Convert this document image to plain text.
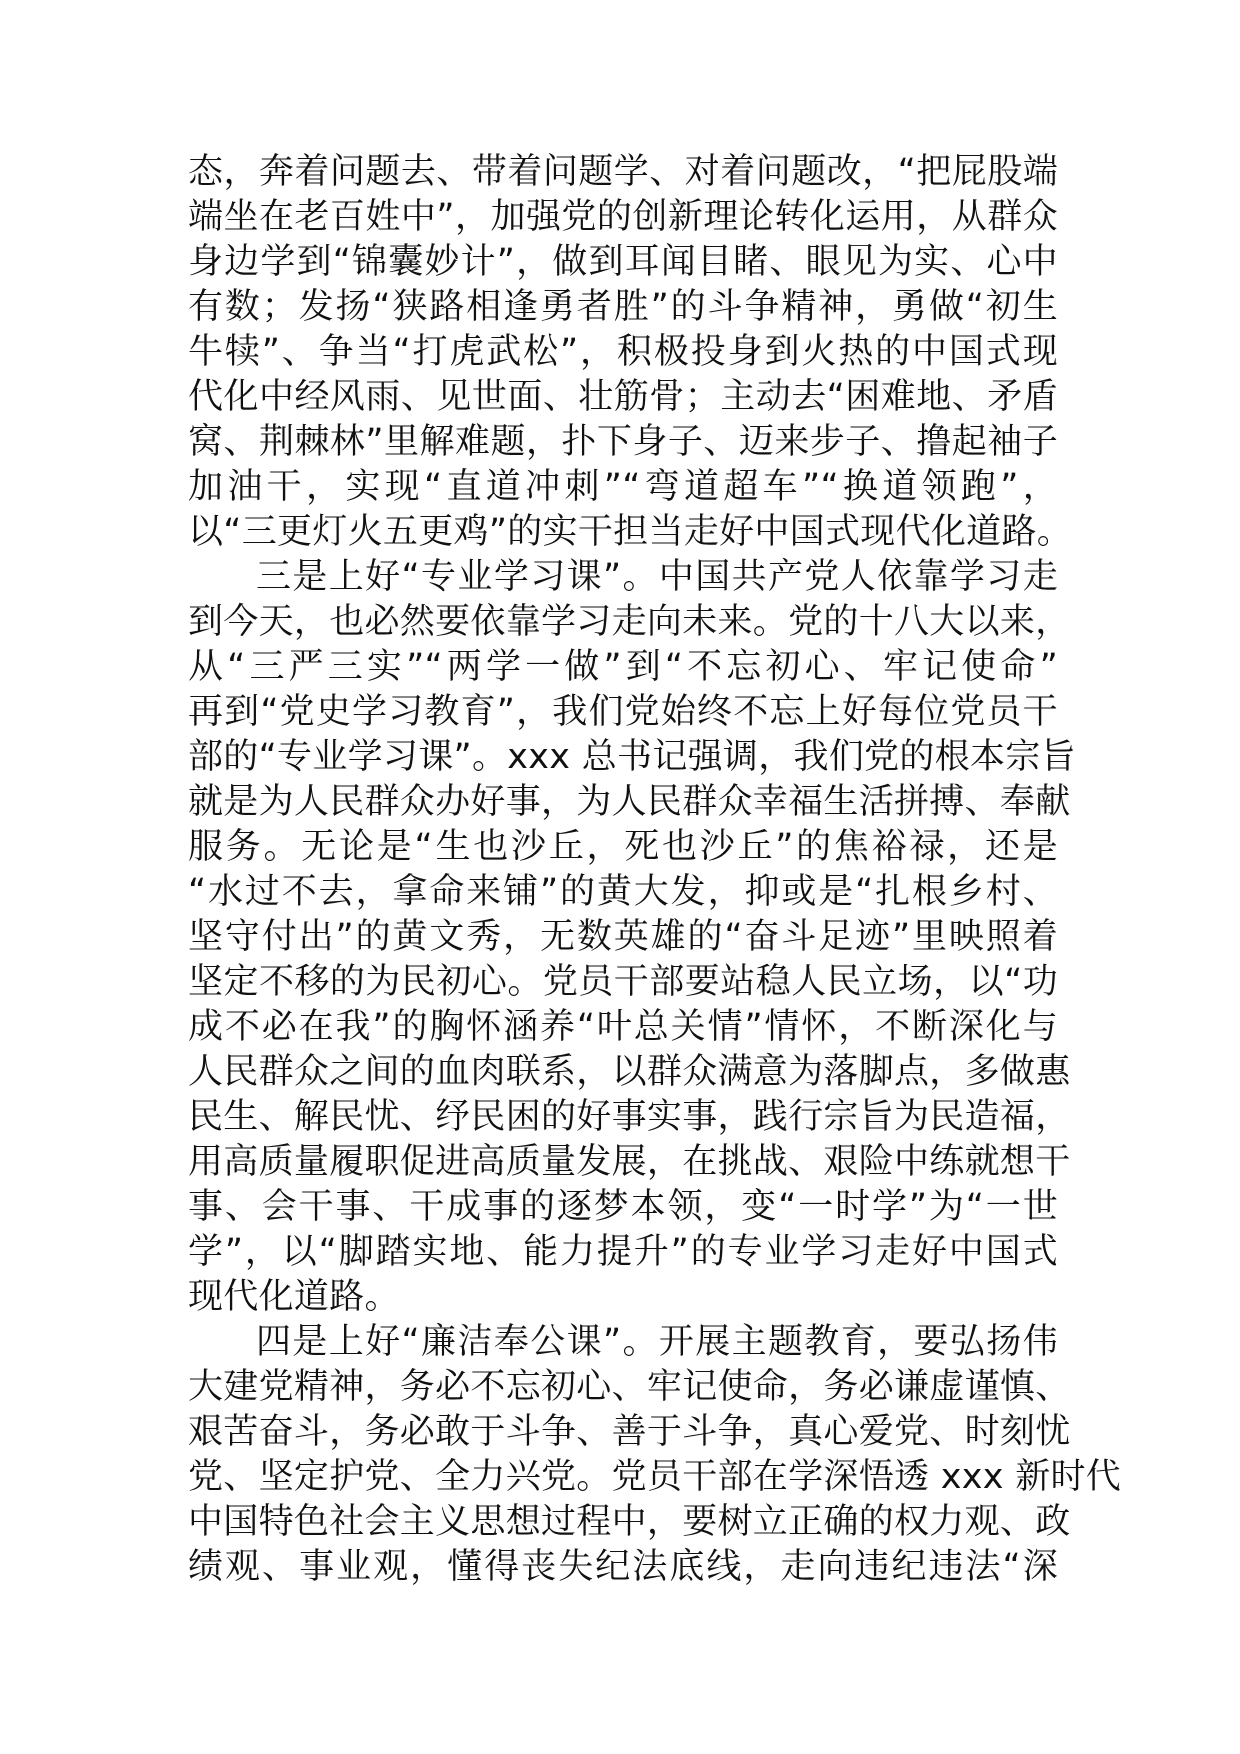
态，奔着问题去、带着问题学、对着问题改，“把屁股端
端坐在老百姓中”，加强党的创新理论转化运用，从群众
身边学到“锦囊妙计”，做到耳闻目睹、眼见为实、心中
有数；发扬“狭路相逢勇者胜”的斗争精神，勇做“初生
牛犊”、争当“打虎武松”，积极投身到火热的中国式现
代化中经风雨、见世面、壮筋骨；主动去“困难地、矛盾
窝、荆棘林”里解难题，扑下身子、迈来步子、撸起袖子
加油干，实现“直道冲刺”“弯道超车”“换道领跑”，
以“三更灯火五更鸡”的实干担当走好中国式现代化道路。
三是上好“专业学习课”。中国共产党人依靠学习走
到今天，也必然要依靠学习走向未来。党的十八大以来，
从“三严三实”“两学一做”到“不忘初心、牢记使命”
再到“党史学习教育”，我们党始终不忘上好每位党员干
部的“专业学习课”。xxx 总书记强调，我们党的根本宗旨
就是为人民群众办好事，为人民群众幸福生活拼搏、奉献
服务。无论是“生也沙丘，死也沙丘”的焦裕禄，还是
“水过不去，拿命来铺”的黄大发，抑或是“扎根乡村、
坚守付出”的黄文秀，无数英雄的“奋斗足迹”里映照着
坚定不移的为民初心。党员干部要站稳人民立场，以“功
成不必在我”的胸怀涵养“叶总关情”情怀，不断深化与
人民群众之间的血肉联系，以群众满意为落脚点，多做惠
民生、解民忧、纾民困的好事实事，践行宗旨为民造福，
用高质量履职促进高质量发展，在挑战、艰险中练就想干
事、会干事、干成事的逐梦本领，变“一时学”为“一世
学”，以“脚踏实地、能力提升”的专业学习走好中国式
现代化道路。
四是上好“廉洁奉公课”。开展主题教育，要弘扬伟
大建党精神，务必不忘初心、牢记使命，务必谦虚谨慎、
艰苦奋斗，务必敢于斗争、善于斗争，真心爱党、时刻忧
党、坚定护党、全力兴党。党员干部在学深悟透 xxx 新时代
中国特色社会主义思想过程中，要树立正确的权力观、政
绩观、事业观，懂得丧失纪法底线，走向违纪违法“深
